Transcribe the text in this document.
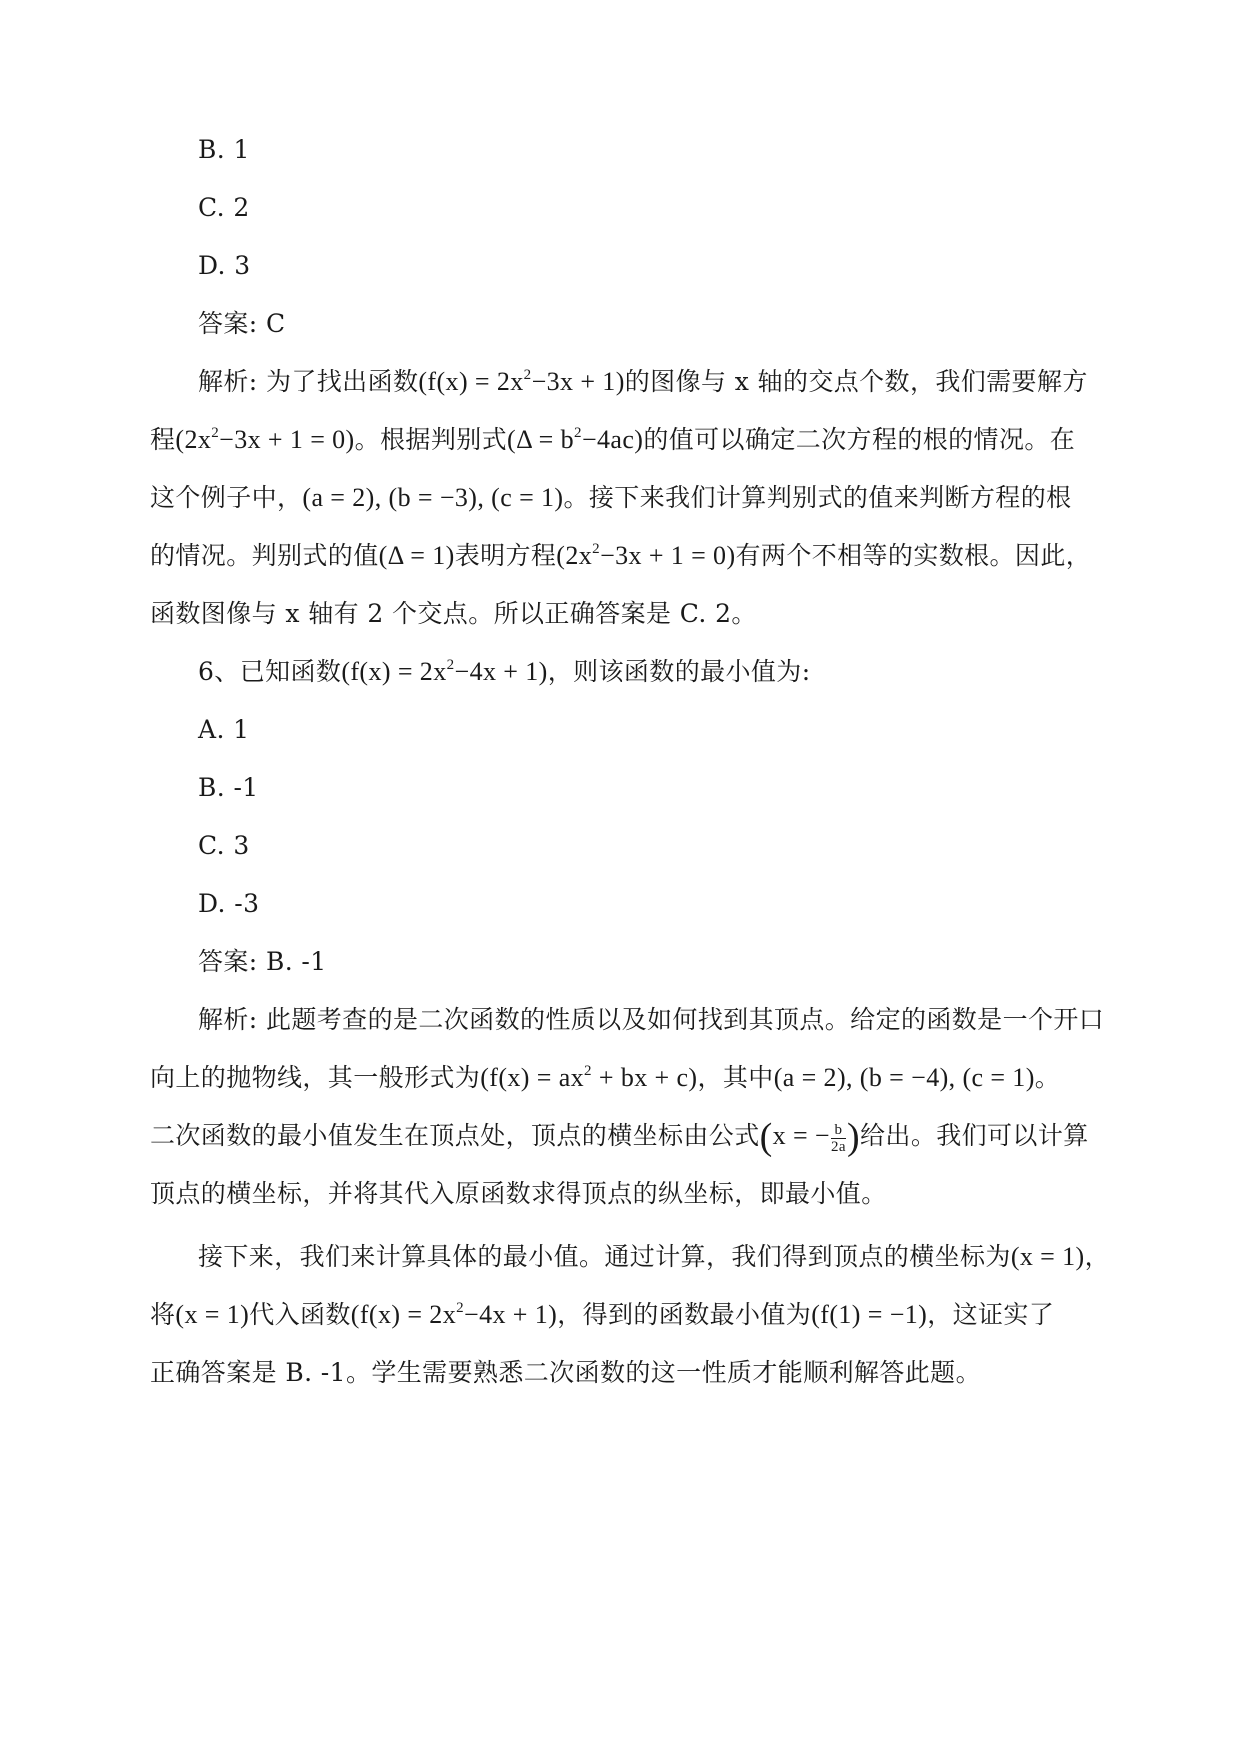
B. 1
C. 2
D. 3
答案: C
解析: 为了找出函数$(f(x) = 2x^2-3x + 1)$的图像与 x 轴的交点个数，我们需要解方
程$(2x^2-3x + 1 = 0)$。根据判别式$(\Delta = b^2-4ac)$的值可以确定二次方程的根的情况。在
这个例子中，(a = 2), (b = −3), (c = 1)。接下来我们计算判别式的值来判断方程的根
的情况。判别式的值(Δ = 1)表明方程$(2x^2-3x + 1 = 0)$有两个不相等的实数根。因此，
函数图像与 x 轴有 2 个交点。所以正确答案是 C. 2。
6、已知函数$(f(x) = 2x^2-4x + 1)$，则该函数的最小值为:
A. 1
B. -1
C. 3
D. -3
答案: B. -1
解析: 此题考查的是二次函数的性质以及如何找到其顶点。给定的函数是一个开口
向上的抛物线，其一般形式为($f(x) = ax^2$ + bx + c)，其中(a = 2), (b = −4), (c = 1)。
二次函数的最小值发生在顶点处，顶点的横坐标由公式(x = − $\frac{b}{2a}$ )给出。我们可以计算
顶点的横坐标，并将其代入原函数求得顶点的纵坐标，即最小值。
接下来，我们来计算具体的最小值。通过计算，我们得到顶点的横坐标为(x = 1)，
将(x = 1)代入函数$(f(x) = 2x^2-4x + 1)$，得到的函数最小值为(f(1) = −1)，这证实了
正确答案是 B. -1。学生需要熟悉二次函数的这一性质才能顺利解答此题。
